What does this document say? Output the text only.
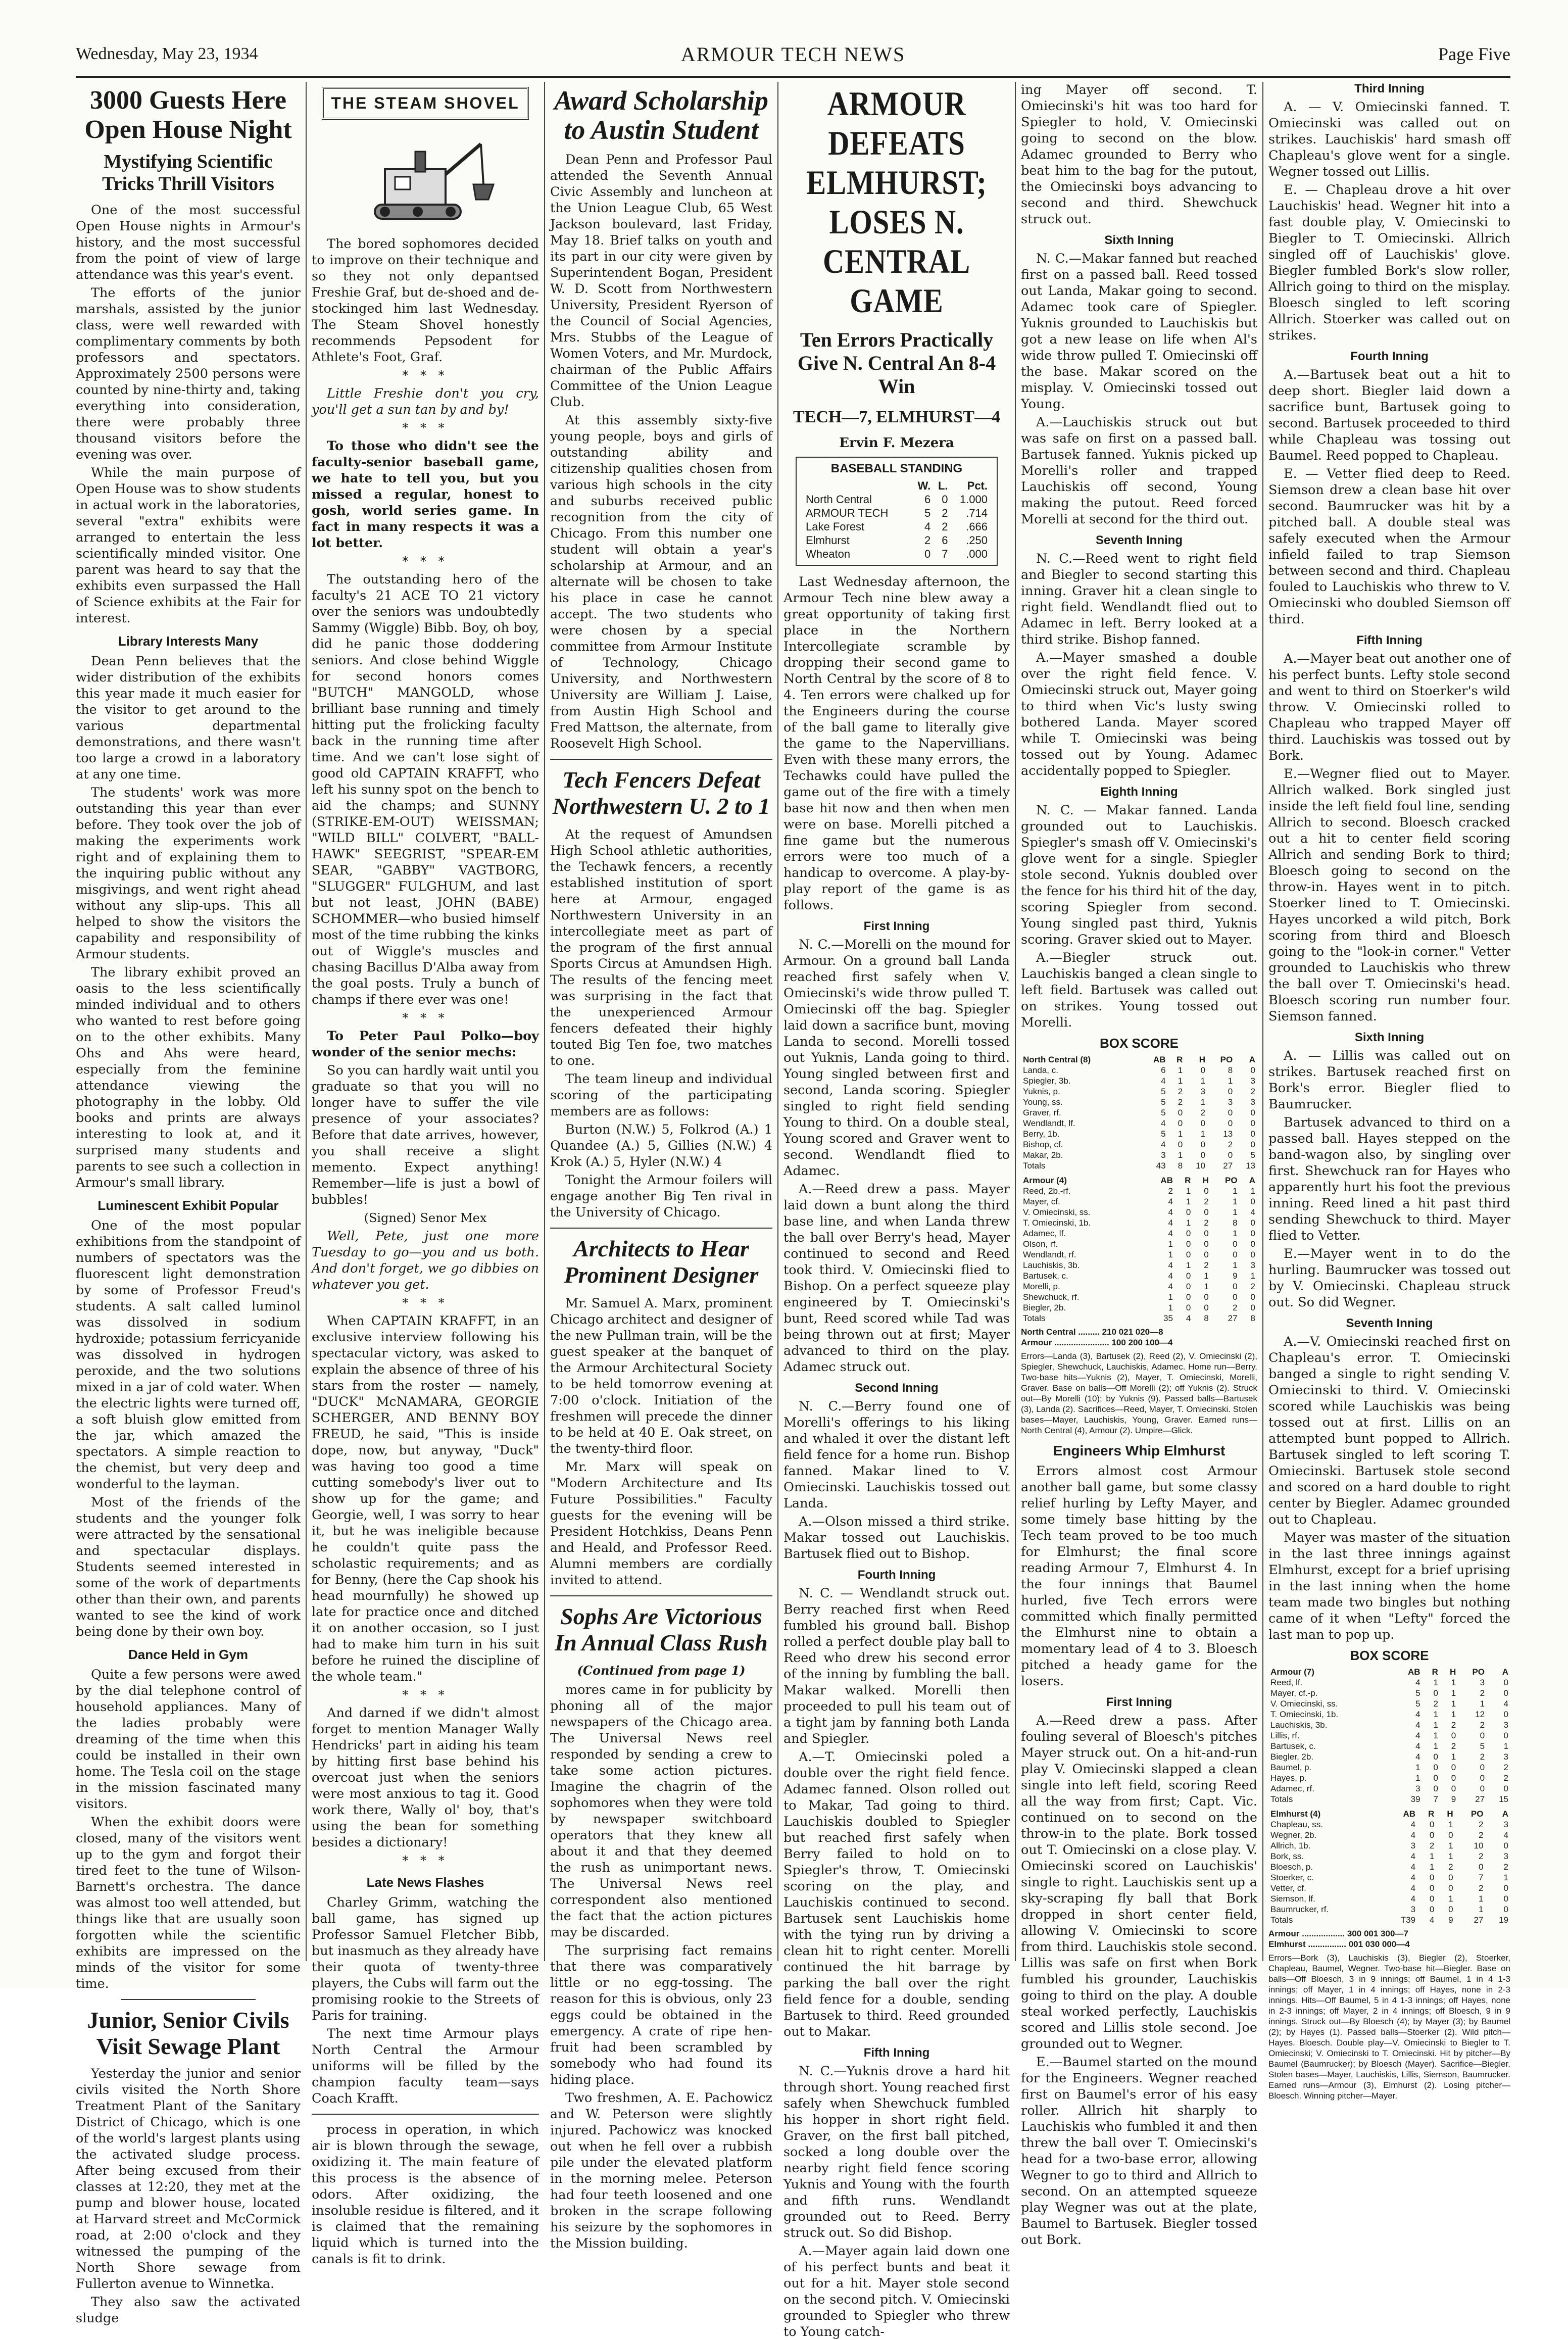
Wednesday, May 23, 1934	ARMOUR TECH NEWS	Page Five
3000 Guests Here Open House Night
Mystifying Scientific Tricks Thrill Visitors

One of the most successful Open House nights in Armour's history, and the most successful from the point of view of large attendance was this year's event.

The efforts of the junior marshals, assisted by the junior class, were well rewarded with complimentary comments by both professors and spectators. Approximately 2500 persons were counted by nine-thirty and, taking everything into consideration, there were probably three thousand visitors before the evening was over.

While the main purpose of Open House was to show students in actual work in the laboratories, several "extra" exhibits were arranged to entertain the less scientifically minded visitor. One parent was heard to say that the exhibits even surpassed the Hall of Science exhibits at the Fair for interest.

Library Interests Many

Dean Penn believes that the wider distribution of the exhibits this year made it much easier for the visitor to get around to the various departmental demonstrations, and there wasn't too large a crowd in a laboratory at any one time.

The students' work was more outstanding this year than ever before. They took over the job of making the experiments work right and of explaining them to the inquiring public without any misgivings, and went right ahead without any slip-ups. This all helped to show the visitors the capability and responsibility of Armour students.

The library exhibit proved an oasis to the less scientifically minded individual and to others who wanted to rest before going on to the other exhibits. Many Ohs and Ahs were heard, especially from the feminine attendance viewing the photography in the lobby. Old books and prints are always interesting to look at, and it surprised many students and parents to see such a collection in Armour's small library.

Luminescent Exhibit Popular

One of the most popular exhibitions from the standpoint of numbers of spectators was the fluorescent light demonstration by some of Professor Freud's students. A salt called luminol was dissolved in sodium hydroxide; potassium ferricyanide was dissolved in hydrogen peroxide, and the two solutions mixed in a jar of cold water. When the electric lights were turned off, a soft bluish glow emitted from the jar, which amazed the spectators. A simple reaction to the chemist, but very deep and wonderful to the layman.

Most of the friends of the students and the younger folk were attracted by the sensational and spectacular displays. Students seemed interested in some of the work of departments other than their own, and parents wanted to see the kind of work being done by their own boy.

Dance Held in Gym

Quite a few persons were awed by the dial telephone control of household appliances. Many of the ladies probably were dreaming of the time when this could be installed in their own home. The Tesla coil on the stage in the mission fascinated many visitors.

When the exhibit doors were closed, many of the visitors went up to the gym and forgot their tired feet to the tune of Wilson-Barnett's orchestra. The dance was almost too well attended, but things like that are usually soon forgotten while the scientific exhibits are impressed on the minds of the visitor for some time.

Junior, Senior Civils Visit Sewage Plant

Yesterday the junior and senior civils visited the North Shore Treatment Plant of the Sanitary District of Chicago, which is one of the world's largest plants using the activated sludge process. After being excused from their classes at 12:20, they met at the pump and blower house, located at Harvard street and McCormick road, at 2:00 o'clock and they witnessed the pumping of the North Shore sewage from Fullerton avenue to Winnetka.

They also saw the activated sludge

THE STEAM SHOVEL

The bored sophomores decided to improve on their technique and so they not only depantsed Freshie Graf, but de-shoed and de-stockinged him last Wednesday. The Steam Shovel honestly recommends Pepsodent for Athlete's Foot, Graf.

* * *

Little Freshie don't you cry, you'll get a sun tan by and by!

* * *

To those who didn't see the faculty-senior baseball game, we hate to tell you, but you missed a regular, honest to gosh, world series game. In fact in many respects it was a lot better.

* * *

The outstanding hero of the faculty's 21 ACE TO 21 victory over the seniors was undoubtedly Sammy (Wiggle) Bibb. Boy, oh boy, did he panic those doddering seniors. And close behind Wiggle for second honors comes "BUTCH" MANGOLD, whose brilliant base running and timely hitting put the frolicking faculty back in the running time after time. And we can't lose sight of good old CAPTAIN KRAFFT, who left his sunny spot on the bench to aid the champs; and SUNNY (STRIKE-EM-OUT) WEISSMAN; "WILD BILL" COLVERT, "BALL-HAWK" SEEGRIST, "SPEAR-EM SEAR, "GABBY" VAGTBORG, "SLUGGER" FULGHUM, and last but not least, JOHN (BABE) SCHOMMER—who busied himself most of the time rubbing the kinks out of Wiggle's muscles and chasing Bacillus D'Alba away from the goal posts. Truly a bunch of champs if there ever was one!

* * *

To Peter Paul Polko—boy wonder of the senior mechs:

So you can hardly wait until you graduate so that you will no longer have to suffer the vile presence of your associates? Before that date arrives, however, you shall receive a slight memento. Expect anything! Remember—life is just a bowl of bubbles!

(Signed) Senor Mex

Well, Pete, just one more Tuesday to go—you and us both. And don't forget, we go dibbies on whatever you get.

* * *

When CAPTAIN KRAFFT, in an exclusive interview following his spectacular victory, was asked to explain the absence of three of his stars from the roster — namely, "DUCK" McNAMARA, GEORGIE SCHERGER, AND BENNY BOY FREUD, he said, "This is inside dope, now, but anyway, "Duck" was having too good a time cutting somebody's liver out to show up for the game; and Georgie, well, I was sorry to hear it, but he was ineligible because he couldn't quite pass the scholastic requirements; and as for Benny, (here the Cap shook his head mournfully) he showed up late for practice once and ditched it on another occasion, so I just had to make him turn in his suit before he ruined the discipline of the whole team."

* * *

And darned if we didn't almost forget to mention Manager Wally Hendricks' part in aiding his team by hitting first base behind his overcoat just when the seniors were most anxious to tag it. Good work there, Wally ol' boy, that's using the bean for something besides a dictionary!

* * *
Late News Flashes

Charley Grimm, watching the ball game, has signed up Professor Samuel Fletcher Bibb, but inasmuch as they already have their quota of twenty-three players, the Cubs will farm out the promising rookie to the Streets of Paris for training.

The next time Armour plays North Central the Armour uniforms will be filled by the champion faculty team—says Coach Krafft.

process in operation, in which air is blown through the sewage, oxidizing it. The main feature of this process is the absence of odors. After oxidizing, the insoluble residue is filtered, and it is claimed that the remaining liquid which is turned into the canals is fit to drink.

Award Scholarship to Austin Student

Dean Penn and Professor Paul attended the Seventh Annual Civic Assembly and luncheon at the Union League Club, 65 West Jackson boulevard, last Friday, May 18. Brief talks on youth and its part in our city were given by Superintendent Bogan, President W. D. Scott from Northwestern University, President Ryerson of the Council of Social Agencies, Mrs. Stubbs of the League of Women Voters, and Mr. Murdock, chairman of the Public Affairs Committee of the Union League Club.

At this assembly sixty-five young people, boys and girls of outstanding ability and citizenship qualities chosen from various high schools in the city and suburbs received public recognition from the city of Chicago. From this number one student will obtain a year's scholarship at Armour, and an alternate will be chosen to take his place in case he cannot accept. The two students who were chosen by a special committee from Armour Institute of Technology, Chicago University, and Northwestern University are William J. Laise, from Austin High School and Fred Mattson, the alternate, from Roosevelt High School.

Tech Fencers Defeat Northwestern U. 2 to 1

At the request of Amundsen High School athletic authorities, the Techawk fencers, a recently established institution of sport here at Armour, engaged Northwestern University in an intercollegiate meet as part of the program of the first annual Sports Circus at Amundsen High. The results of the fencing meet was surprising in the fact that the unexperienced Armour fencers defeated their highly touted Big Ten foe, two matches to one.

The team lineup and individual scoring of the participating members are as follows:

Burton (N.W.) 5, Folkrod (A.) 1 Quandee (A.) 5, Gillies (N.W.) 4 Krok (A.) 5, Hyler (N.W.) 4

Tonight the Armour foilers will engage another Big Ten rival in the University of Chicago.

Architects to Hear Prominent Designer

Mr. Samuel A. Marx, prominent Chicago architect and designer of the new Pullman train, will be the guest speaker at the banquet of the Armour Architectural Society to be held tomorrow evening at 7:00 o'clock. Initiation of the freshmen will precede the dinner to be held at 40 E. Oak street, on the twenty-third floor.

Mr. Marx will speak on "Modern Architecture and Its Future Possibilities." Faculty guests for the evening will be President Hotchkiss, Deans Penn and Heald, and Professor Reed. Alumni members are cordially invited to attend.

Sophs Are Victorious In Annual Class Rush
(Continued from page 1)

mores came in for publicity by phoning all of the major newspapers of the Chicago area. The Universal News reel responded by sending a crew to take some action pictures. Imagine the chagrin of the sophomores when they were told by newspaper switchboard operators that they knew all about it and that they deemed the rush as unimportant news. The Universal News reel correspondent also mentioned the fact that the action pictures may be discarded.

The surprising fact remains that there was comparatively little or no egg-tossing. The reason for this is obvious, only 23 eggs could be obtained in the emergency. A crate of ripe hen-fruit had been scrambled by somebody who had found its hiding place.

Two freshmen, A. E. Pachowicz and W. Peterson were slightly injured. Pachowicz was knocked out when he fell over a rubbish pile under the elevated platform in the morning melee. Peterson had four teeth loosened and one broken in the scrape following his seizure by the sophomores in the Mission building.

ARMOUR DEFEATS ELMHURST; LOSES N. CENTRAL GAME
Ten Errors Practically Give N. Central An 8-4 Win
TECH—7, ELMHURST—4
Ervin F. Mezera
BASEBALL STANDING
	W.	L.	Pct.
North Central	6	0	1.000
ARMOUR TECH	5	2	.714
Lake Forest	4	2	.666
Elmhurst	2	6	.250
Wheaton	0	7	.000

Last Wednesday afternoon, the Armour Tech nine blew away a great opportunity of taking first place in the Northern Intercollegiate scramble by dropping their second game to North Central by the score of 8 to 4. Ten errors were chalked up for the Engineers during the course of the ball game to literally give the game to the Napervillians. Even with these many errors, the Techawks could have pulled the game out of the fire with a timely base hit now and then when men were on base. Morelli pitched a fine game but the numerous errors were too much of a handicap to overcome. A play-by-play report of the game is as follows.

First Inning

N. C.—Morelli on the mound for Armour. On a ground ball Landa reached first safely when V. Omiecinski's wide throw pulled T. Omiecinski off the bag. Spiegler laid down a sacrifice bunt, moving Landa to second. Morelli tossed out Yuknis, Landa going to third. Young singled between first and second, Landa scoring. Spiegler singled to right field sending Young to third. On a double steal, Young scored and Graver went to second. Wendlandt flied to Adamec.

A.—Reed drew a pass. Mayer laid down a bunt along the third base line, and when Landa threw the ball over Berry's head, Mayer continued to second and Reed took third. V. Omiecinski flied to Bishop. On a perfect squeeze play engineered by T. Omiecinski's bunt, Reed scored while Tad was being thrown out at first; Mayer advanced to third on the play. Adamec struck out.

Second Inning

N. C.—Berry found one of Morelli's offerings to his liking and whaled it over the distant left field fence for a home run. Bishop fanned. Makar lined to V. Omiecinski. Lauchiskis tossed out Landa.

A.—Olson missed a third strike. Makar tossed out Lauchiskis. Bartusek flied out to Bishop.

Fourth Inning

N. C. — Wendlandt struck out. Berry reached first when Reed fumbled his ground ball. Bishop rolled a perfect double play ball to Reed who drew his second error of the inning by fumbling the ball. Makar walked. Morelli then proceeded to pull his team out of a tight jam by fanning both Landa and Spiegler.

A.—T. Omiecinski poled a double over the right field fence. Adamec fanned. Olson rolled out to Makar, Tad going to third. Lauchiskis doubled to Spiegler but reached first safely when Berry failed to hold on to Spiegler's throw, T. Omiecinski scoring on the play, and Lauchiskis continued to second. Bartusek sent Lauchiskis home with the tying run by driving a clean hit to right center. Morelli continued the hit barrage by parking the ball over the right field fence for a double, sending Bartusek to third. Reed grounded out to Makar.

Fifth Inning

N. C.—Yuknis drove a hard hit through short. Young reached first safely when Shewchuck fumbled his hopper in short right field. Graver, on the first ball pitched, socked a long double over the nearby right field fence scoring Yuknis and Young with the fourth and fifth runs. Wendlandt grounded out to Reed. Berry struck out. So did Bishop.

A.—Mayer again laid down one of his perfect bunts and beat it out for a hit. Mayer stole second on the second pitch. V. Omiecinski grounded to Spiegler who threw to Young catch-

ing Mayer off second. T. Omiecinski's hit was too hard for Spiegler to hold, V. Omiecinski going to second on the blow. Adamec grounded to Berry who beat him to the bag for the putout, the Omiecinski boys advancing to second and third. Shewchuck struck out.

Sixth Inning

N. C.—Makar fanned but reached first on a passed ball. Reed tossed out Landa, Makar going to second. Adamec took care of Spiegler. Yuknis grounded to Lauchiskis but got a new lease on life when Al's wide throw pulled T. Omiecinski off the base. Makar scored on the misplay. V. Omiecinski tossed out Young.

A.—Lauchiskis struck out but was safe on first on a passed ball. Bartusek fanned. Yuknis picked up Morelli's roller and trapped Lauchiskis off second, Young making the putout. Reed forced Morelli at second for the third out.

Seventh Inning

N. C.—Reed went to right field and Biegler to second starting this inning. Graver hit a clean single to right field. Wendlandt flied out to Adamec in left. Berry looked at a third strike. Bishop fanned.

A.—Mayer smashed a double over the right field fence. V. Omiecinski struck out, Mayer going to third when Vic's lusty swing bothered Landa. Mayer scored while T. Omiecinski was being tossed out by Young. Adamec accidentally popped to Spiegler.

Eighth Inning

N. C. — Makar fanned. Landa grounded out to Lauchiskis. Spiegler's smash off V. Omiecinski's glove went for a single. Spiegler stole second. Yuknis doubled over the fence for his third hit of the day, scoring Spiegler from second. Young singled past third, Yuknis scoring. Graver skied out to Mayer.

A.—Biegler struck out. Lauchiskis banged a clean single to left field. Bartusek was called out on strikes. Young tossed out Morelli.

BOX SCORE
North Central (8)	AB	R	H	PO	A
Landa, c.	6	1	0	8	0
Spiegler, 3b.	4	1	1	1	3
Yuknis, p.	5	2	3	0	2
Young, ss.	5	2	1	3	3
Graver, rf.	5	0	2	0	0
Wendlandt, lf.	4	0	0	0	0
Berry, 1b.	5	1	1	13	0
Bishop, cf.	4	0	0	2	0
Makar, 2b.	3	1	0	0	5
Totals	43	8	10	27	13
Armour (4)	AB	R	H	PO	A
Reed, 2b.-rf.	2	1	0	1	1
Mayer, cf.	4	1	2	1	0
V. Omiecinski, ss.	4	0	0	1	4
T. Omiecinski, 1b.	4	1	2	8	0
Adamec, lf.	4	0	0	1	0
Olson, rf.	1	0	0	0	0
Wendlandt, rf.	1	0	0	0	0
Lauchiskis, 3b.	4	1	2	1	3
Bartusek, c.	4	0	1	9	1
Morelli, p.	4	0	1	0	2
Shewchuck, rf.	1	0	0	0	0
Biegler, 2b.	1	0	0	2	0
Totals	35	4	8	27	8
North Central ......... 210 021 020—8
Armour ....................... 100 200 100—4
Errors—Landa (3), Bartusek (2), Reed (2), V. Omiecinski (2), Spiegler, Shewchuck, Lauchiskis, Adamec. Home run—Berry. Two-base hits—Yuknis (2), Mayer, T. Omiecinski, Morelli, Graver. Base on balls—Off Morelli (2); off Yuknis (2). Struck out—By Morelli (10); by Yuknis (9). Passed balls—Bartusek (3), Landa (2). Sacrifices—Reed, Mayer, T. Omiecinski. Stolen bases—Mayer, Lauchiskis, Young, Graver. Earned runs—North Central (4), Armour (2). Umpire—Glick.
Engineers Whip Elmhurst

Errors almost cost Armour another ball game, but some classy relief hurling by Lefty Mayer, and some timely base hitting by the Tech team proved to be too much for Elmhurst; the final score reading Armour 7, Elmhurst 4. In the four innings that Baumel hurled, five Tech errors were committed which finally permitted the Elmhurst nine to obtain a momentary lead of 4 to 3. Bloesch pitched a heady game for the losers.

First Inning

A.—Reed drew a pass. After fouling several of Bloesch's pitches Mayer struck out. On a hit-and-run play V. Omiecinski slapped a clean single into left field, scoring Reed all the way from first; Capt. Vic. continued on to second on the throw-in to the plate. Bork tossed out T. Omiecinski on a close play. V. Omiecinski scored on Lauchiskis' single to right. Lauchiskis sent up a sky-scraping fly ball that Bork dropped in short center field, allowing V. Omiecinski to score from third. Lauchiskis stole second. Lillis was safe on first when Bork fumbled his grounder, Lauchiskis going to third on the play. A double steal worked perfectly, Lauchiskis scored and Lillis stole second. Joe grounded out to Wegner.

E.—Baumel started on the mound for the Engineers. Wegner reached first on Baumel's error of his easy roller. Allrich hit sharply to Lauchiskis who fumbled it and then threw the ball over T. Omiecinski's head for a two-base error, allowing Wegner to go to third and Allrich to second. On an attempted squeeze play Wegner was out at the plate, Baumel to Bartusek. Biegler tossed out Bork.

Third Inning

A. — V. Omiecinski fanned. T. Omiecinski was called out on strikes. Lauchiskis' hard smash off Chapleau's glove went for a single. Wegner tossed out Lillis.

E. — Chapleau drove a hit over Lauchiskis' head. Wegner hit into a fast double play, V. Omiecinski to Biegler to T. Omiecinski. Allrich singled off of Lauchiskis' glove. Biegler fumbled Bork's slow roller, Allrich going to third on the misplay. Bloesch singled to left scoring Allrich. Stoerker was called out on strikes.

Fourth Inning

A.—Bartusek beat out a hit to deep short. Biegler laid down a sacrifice bunt, Bartusek going to second. Bartusek proceeded to third while Chapleau was tossing out Baumel. Reed popped to Chapleau.

E. — Vetter flied deep to Reed. Siemson drew a clean base hit over second. Baumrucker was hit by a pitched ball. A double steal was safely executed when the Armour infield failed to trap Siemson between second and third. Chapleau fouled to Lauchiskis who threw to V. Omiecinski who doubled Siemson off third.

Fifth Inning

A.—Mayer beat out another one of his perfect bunts. Lefty stole second and went to third on Stoerker's wild throw. V. Omiecinski rolled to Chapleau who trapped Mayer off third. Lauchiskis was tossed out by Bork.

E.—Wegner flied out to Mayer. Allrich walked. Bork singled just inside the left field foul line, sending Allrich to second. Bloesch cracked out a hit to center field scoring Allrich and sending Bork to third; Bloesch going to second on the throw-in. Hayes went in to pitch. Stoerker lined to T. Omiecinski. Hayes uncorked a wild pitch, Bork scoring from third and Bloesch going to the "look-in corner." Vetter grounded to Lauchiskis who threw the ball over T. Omiecinski's head. Bloesch scoring run number four. Siemson fanned.

Sixth Inning

A. — Lillis was called out on strikes. Bartusek reached first on Bork's error. Biegler flied to Baumrucker.

Bartusek advanced to third on a passed ball. Hayes stepped on the band-wagon also, by singling over first. Shewchuck ran for Hayes who apparently hurt his foot the previous inning. Reed lined a hit past third sending Shewchuck to third. Mayer flied to Vetter.

E.—Mayer went in to do the hurling. Baumrucker was tossed out by V. Omiecinski. Chapleau struck out. So did Wegner.

Seventh Inning

A.—V. Omiecinski reached first on Chapleau's error. T. Omiecinski banged a single to right sending V. Omiecinski to third. V. Omiecinski scored while Lauchiskis was being tossed out at first. Lillis on an attempted bunt popped to Allrich. Bartusek singled to left scoring T. Omiecinski. Bartusek stole second and scored on a hard double to right center by Biegler. Adamec grounded out to Chapleau.

Mayer was master of the situation in the last three innings against Elmhurst, except for a brief uprising in the last inning when the home team made two bingles but nothing came of it when "Lefty" forced the last man to pop up.

BOX SCORE
Armour (7)	AB	R	H	PO	A
Reed, lf.	4	1	1	3	0
Mayer, cf.-p.	5	0	1	2	0
V. Omiecinski, ss.	5	2	1	1	4
T. Omiecinski, 1b.	4	1	1	12	0
Lauchiskis, 3b.	4	1	2	2	3
Lillis, rf.	4	1	0	0	0
Bartusek, c.	4	1	2	5	1
Biegler, 2b.	4	0	1	2	3
Baumel, p.	1	0	0	0	2
Hayes, p.	1	0	0	0	2
Adamec, rf.	3	0	0	0	0
Totals	39	7	9	27	15
Elmhurst (4)	AB	R	H	PO	A
Chapleau, ss.	4	0	1	2	3
Wegner, 2b.	4	0	0	2	4
Allrich, 1b.	3	2	1	10	0
Bork, ss.	4	1	1	2	3
Bloesch, p.	4	1	2	0	2
Stoerker, c.	4	0	0	7	1
Vetter, cf.	4	0	0	2	0
Siemson, lf.	4	0	1	1	0
Baumrucker, rf.	3	0	0	1	0
Totals	T39	4	9	27	19
Armour .................. 300 001 300—7
Elmhurst ................ 001 030 000—4
Errors—Bork (3), Lauchiskis (3), Biegler (2), Stoerker, Chapleau, Baumel, Wegner. Two-base hit—Biegler. Base on balls—Off Bloesch, 3 in 9 innings; off Baumel, 1 in 4 1-3 innings; off Mayer, 1 in 4 innings; off Hayes, none in 2-3 innings. Hits—Off Baumel, 5 in 4 1-3 innings; off Hayes, none in 2-3 innings; off Mayer, 2 in 4 innings; off Bloesch, 9 in 9 innings. Struck out—By Bloesch (4); by Mayer (3); by Baumel (2); by Hayes (1). Passed balls—Stoerker (2). Wild pitch—Hayes. Bloesch. Double play—V. Omiecinski to Biegler to T. Omiecinski; V. Omiecinski to T. Omiecinski. Hit by pitcher—By Baumel (Baumrucker); by Bloesch (Mayer). Sacrifice—Biegler. Stolen bases—Mayer, Lauchiskis, Lillis, Siemson, Baumrucker. Earned runs—Armour (3), Elmhurst (2). Losing pitcher—Bloesch. Winning pitcher—Mayer.
